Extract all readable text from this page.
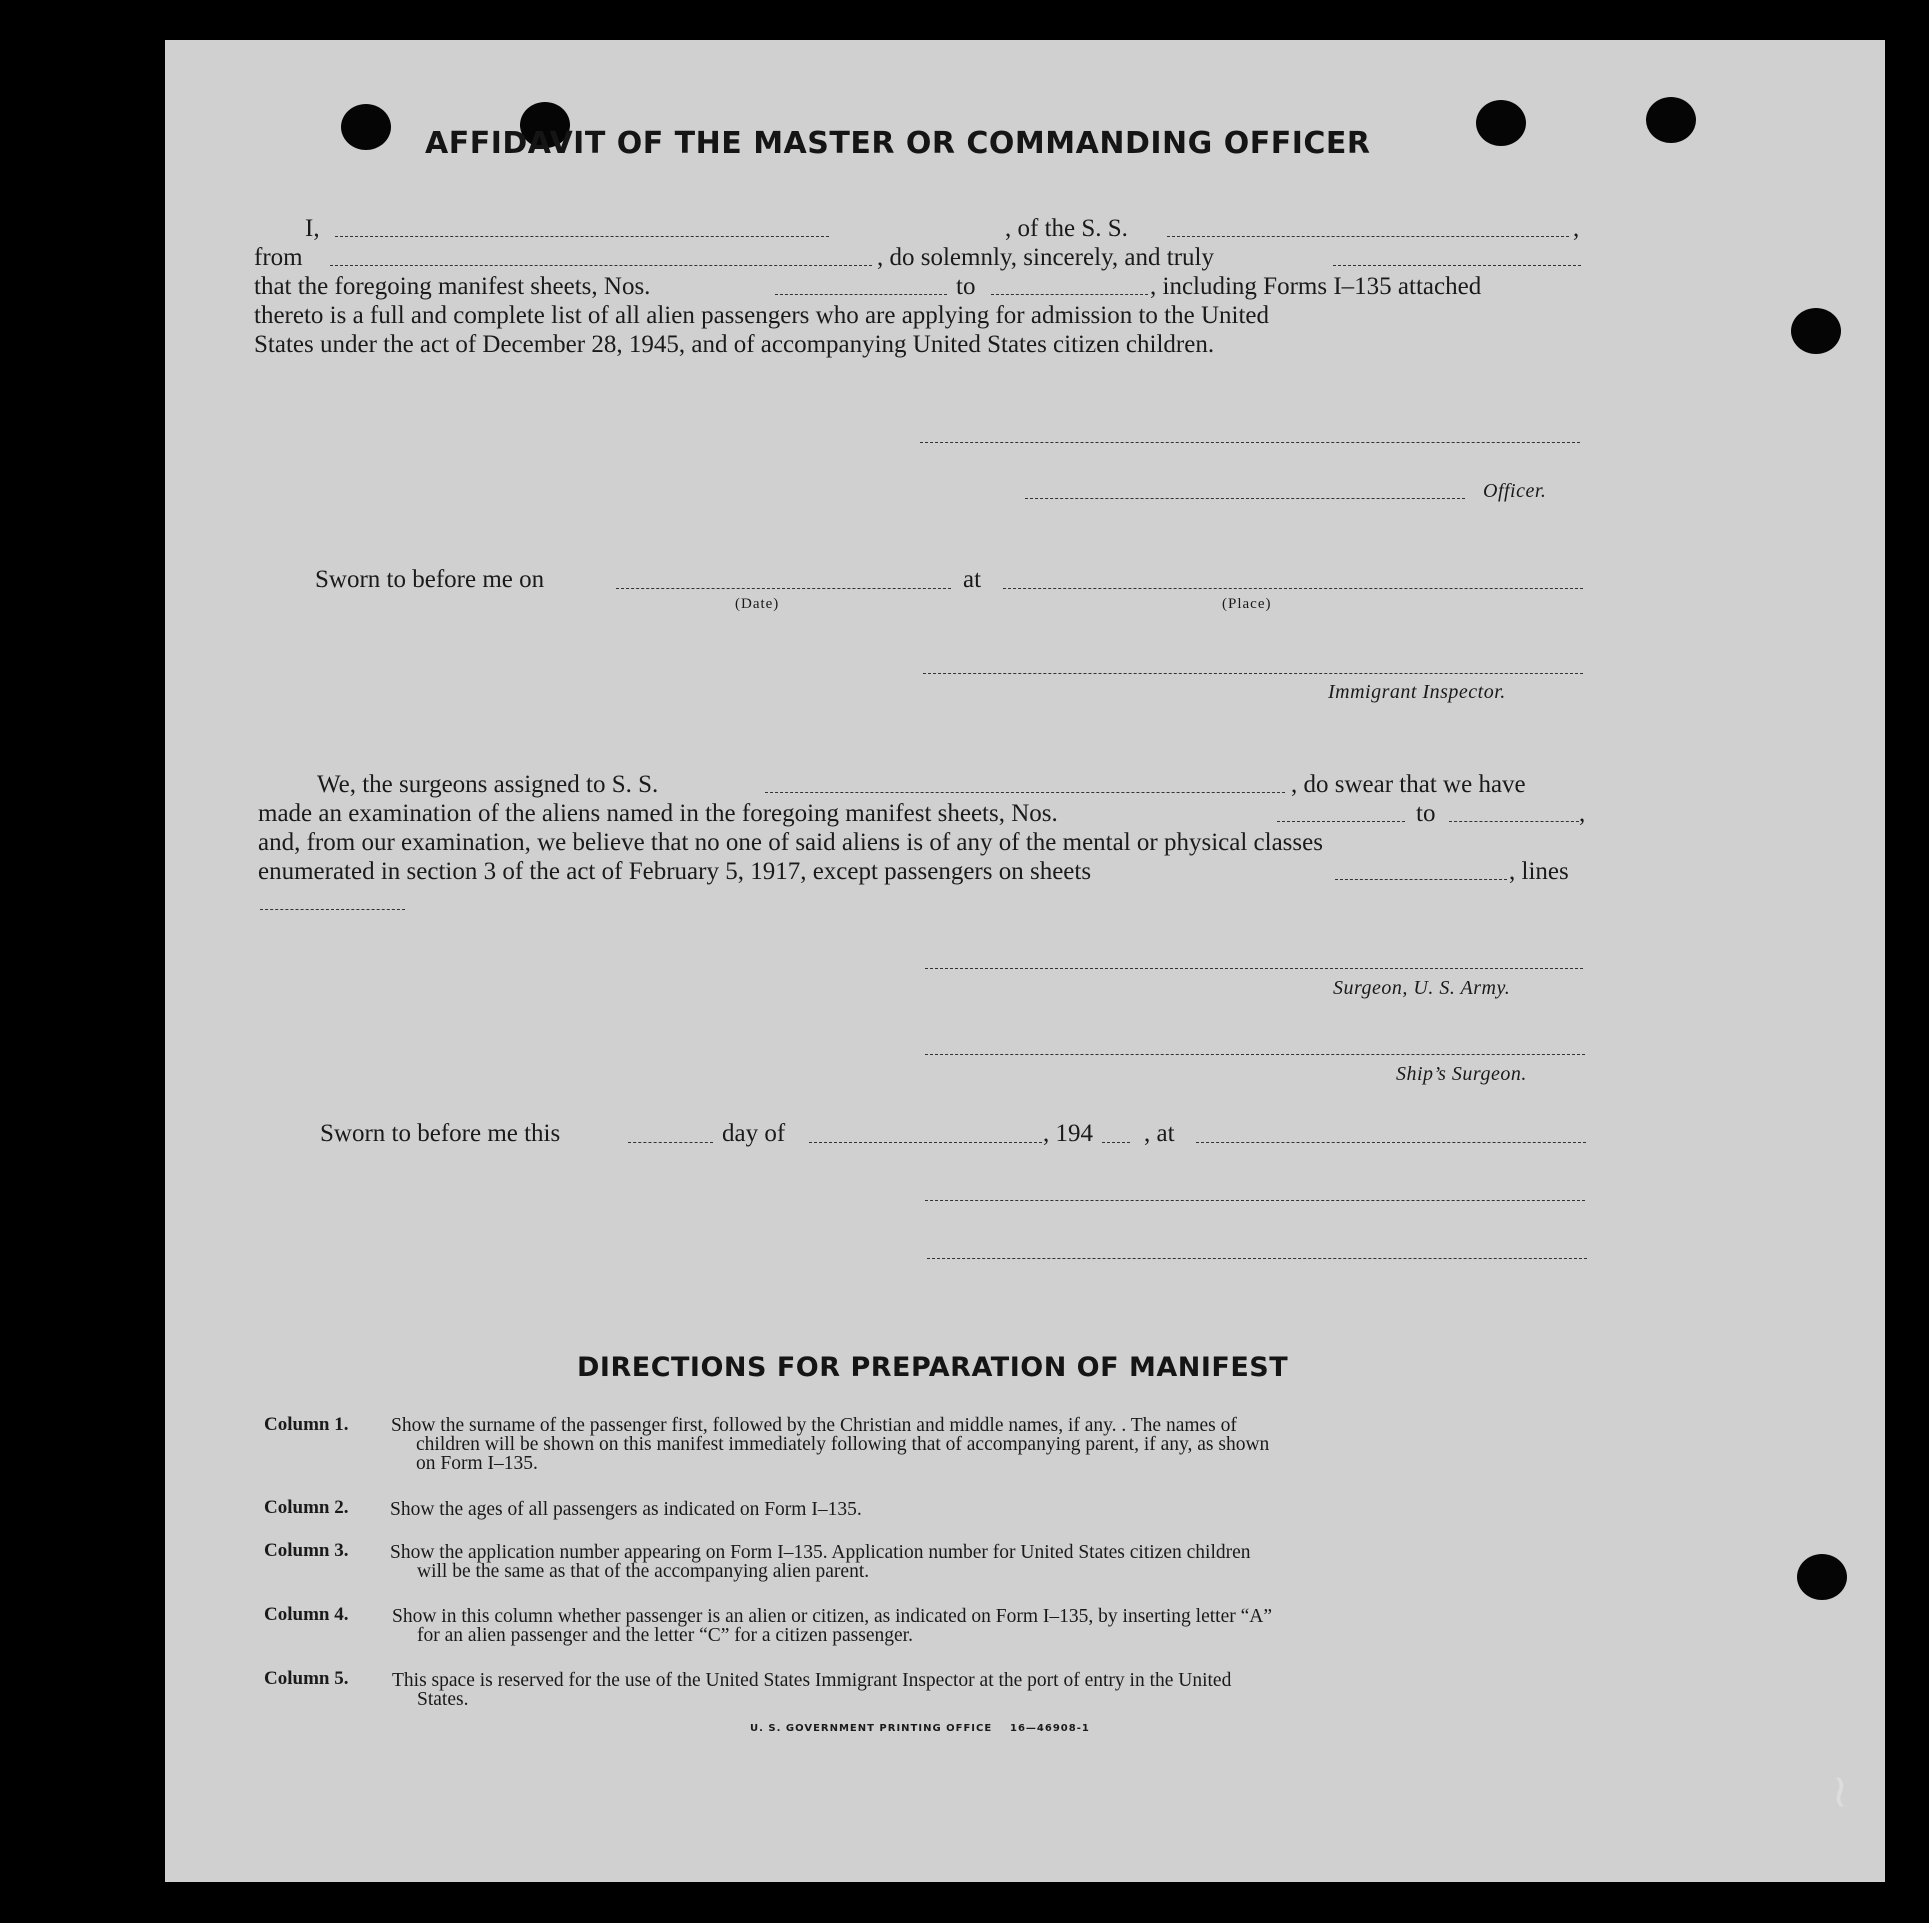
AFFIDAVIT OF THE MASTER OR COMMANDING OFFICER
I,	, of the S. S.	,
from	, do solemnly, sincerely, and truly
that the foregoing manifest sheets, Nos.	to	, including Forms I–135 attached
thereto is a full and complete list of all alien passengers who are applying for admission to the United
States under the act of December 28, 1945, and of accompanying United States citizen children.
Officer.
Sworn to before me on	at
(Date)	(Place)
Immigrant Inspector.
We, the surgeons assigned to S. S.	, do swear that we have
made an examination of the aliens named in the foregoing manifest sheets, Nos.	to	,
and, from our examination, we believe that no one of said aliens is of any of the mental or physical classes
enumerated in section 3 of the act of February 5, 1917, except passengers on sheets	, lines
Surgeon, U. S. Army.
Ship’s Surgeon.
Sworn to before me this	day of	, 194 , at
DIRECTIONS FOR PREPARATION OF MANIFEST
Column 1. Show the surname of the passenger first, followed by the Christian and middle names, if any. . The names of
children will be shown on this manifest immediately following that of accompanying parent, if any, as shown
on Form I–135.
Column 2. Show the ages of all passengers as indicated on Form I–135.
Column 3. Show the application number appearing on Form I–135. Application number for United States citizen children
will be the same as that of the accompanying alien parent.
Column 4. Show in this column whether passenger is an alien or citizen, as indicated on Form I–135, by inserting letter “A”
for an alien passenger and the letter “C” for a citizen passenger.
Column 5. This space is reserved for the use of the United States Immigrant Inspector at the port of entry in the United
States.
U. S. GOVERNMENT PRINTING OFFICE 16—46908-1
~
